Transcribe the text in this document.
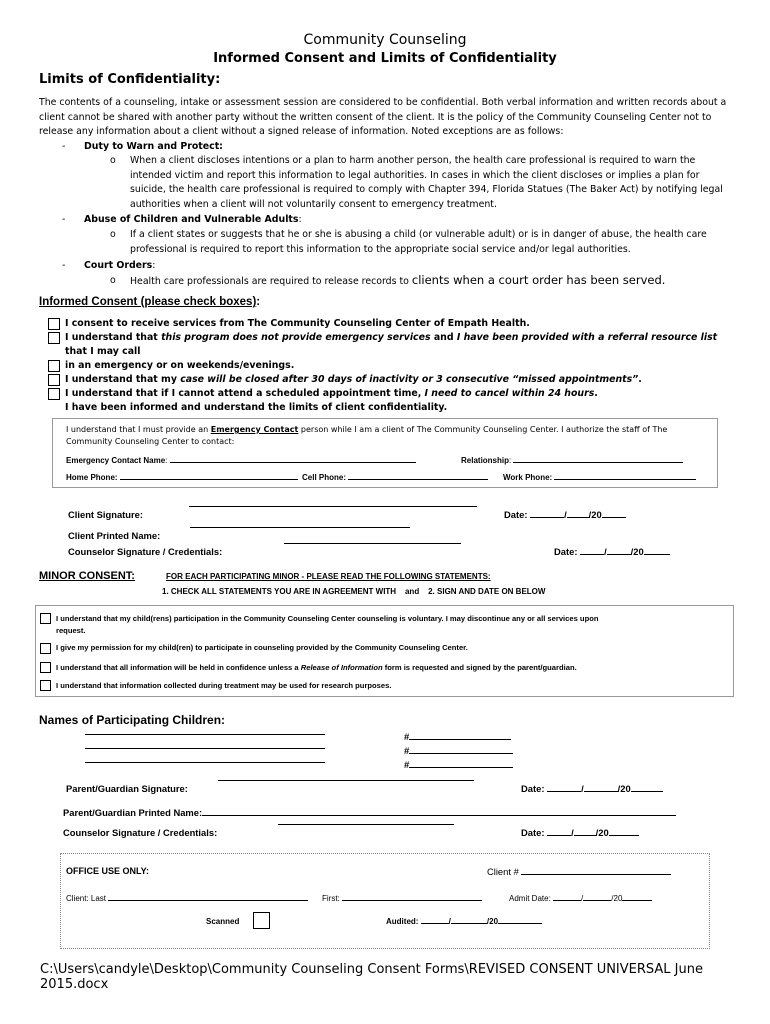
Community Counseling
Informed Consent and Limits of Confidentiality
Limits of Confidentiality:
The contents of a counseling, intake or assessment session are considered to be confidential. Both verbal information and written records about a
client cannot be shared with another party without the written consent of the client. It is the policy of the Community Counseling Center not to
release any information about a client without a signed release of information. Noted exceptions are as follows:
- Duty to Warn and Protect:
o When a client discloses intentions or a plan to harm another person, the health care professional is required to warn the
intended victim and report this information to legal authorities. In cases in which the client discloses or implies a plan for
suicide, the health care professional is required to comply with Chapter 394, Florida Statues (The Baker Act) by notifying legal
authorities when a client will not voluntarily consent to emergency treatment.
- Abuse of Children and Vulnerable Adults:
o If a client states or suggests that he or she is abusing a child (or vulnerable adult) or is in danger of abuse, the health care
professional is required to report this information to the appropriate social service and/or legal authorities.
- Court Orders:
o Health care professionals are required to release records to clients when a court order has been served.
Informed Consent (please check boxes):
I consent to receive services from The Community Counseling Center of Empath Health.
I understand that this program does not provide emergency services and I have been provided with a referral resource list that I may call
in an emergency or on weekends/evenings.
I understand that my case will be closed after 30 days of inactivity or 3 consecutive “missed appointments”.
I understand that if I cannot attend a scheduled appointment time, I need to cancel within 24 hours.
I have been informed and understand the limits of client confidentiality.
I understand that I must provide an Emergency Contact person while I am a client of The Community Counseling Center. I authorize the staff of The
Community Counseling Center to contact:
Emergency Contact Name:	Relationship:
Home Phone:	Cell Phone:	Work Phone:
Client Signature:	Date:	/ /20
Client Printed Name:
Counselor Signature / Credentials:	Date:	/	/20
MINOR CONSENT:	FOR EACH PARTICIPATING MINOR - PLEASE READ THE FOLLOWING STATEMENTS:
1. CHECK ALL STATEMENTS YOU ARE IN AGREEMENT WITH and 2. SIGN AND DATE ON BELOW
I understand that my child(rens) participation in the Community Counseling Center counseling is voluntary. I may discontinue any or all services upon
request.
I give my permission for my child(ren) to participate in counseling provided by the Community Counseling Center.
I understand that all information will be held in confidence unless a Release of Information form is requested and signed by the parent/guardian.
I understand that information collected during treatment may be used for research purposes.
Names of Participating Children:
#
#
#
Parent/Guardian Signature:	Date:	/	/20
Parent/Guardian Printed Name:
Counselor Signature / Credentials:	Date:	/ /20
OFFICE USE ONLY:	Client #
Client: Last	First:	Admit Date:	/	/20
Scanned	Audited:	/	/20
C:\Users\candyle\Desktop\Community Counseling Consent Forms\REVISED CONSENT UNIVERSAL June 2015.docx
